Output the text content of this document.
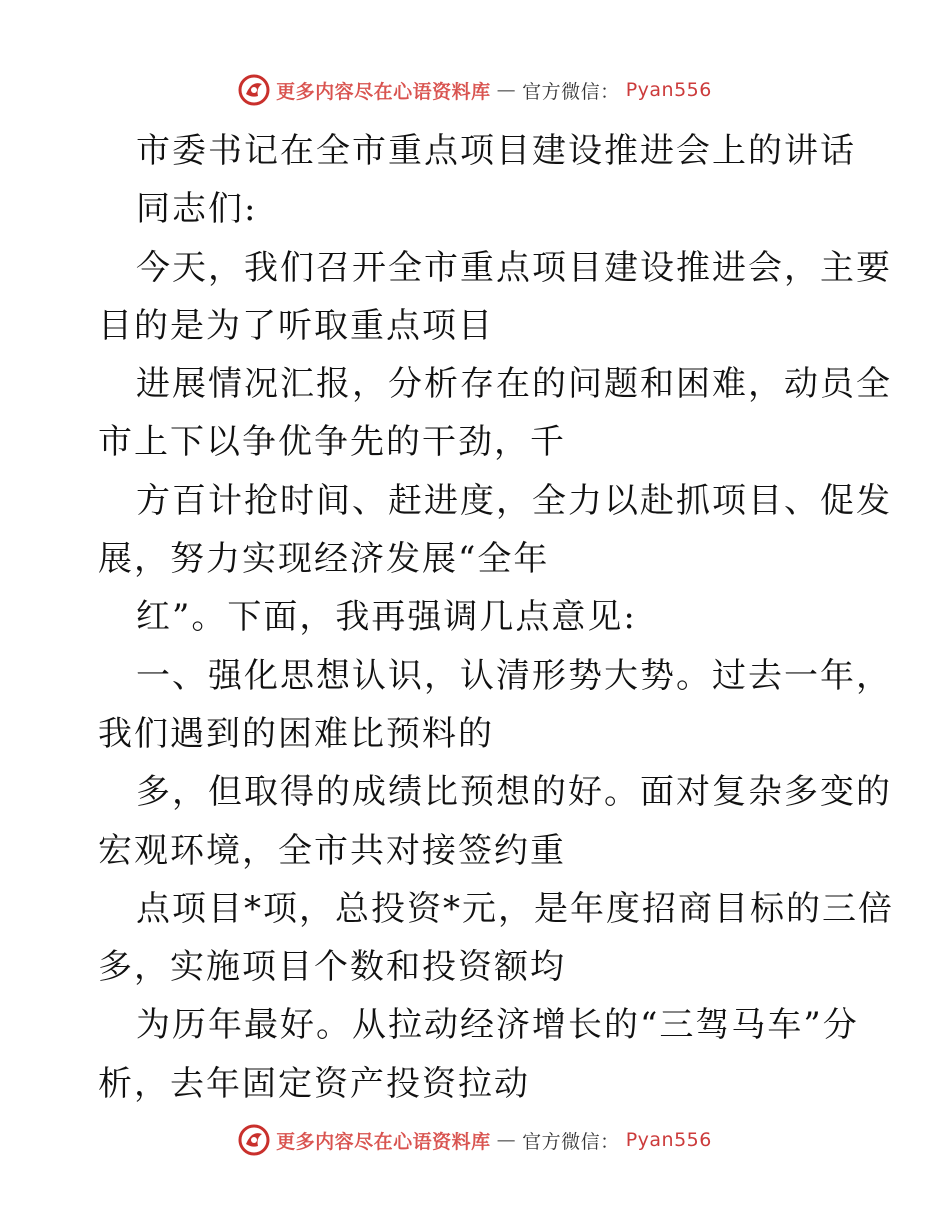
更多内容尽在心语资料库 — 官方微信： Pyan556
市委书记在全市重点项目建设推进会上的讲话
同志们:
今天，我们召开全市重点项目建设推进会，主要
目的是为了听取重点项目
进展情况汇报，分析存在的问题和困难，动员全
市上下以争优争先的干劲，千
方百计抢时间、赶进度，全力以赴抓项目、促发
展，努力实现经济发展“全年
红”。下面，我再强调几点意见:
一、强化思想认识，认清形势大势。过去一年，
我们遇到的困难比预料的
多，但取得的成绩比预想的好。面对复杂多变的
宏观环境，全市共对接签约重
点项目*项，总投资*元，是年度招商目标的三倍
多，实施项目个数和投资额均
为历年最好。从拉动经济增长的“三驾马车”分
析，去年固定资产投资拉动
更多内容尽在心语资料库 — 官方微信： Pyan556
